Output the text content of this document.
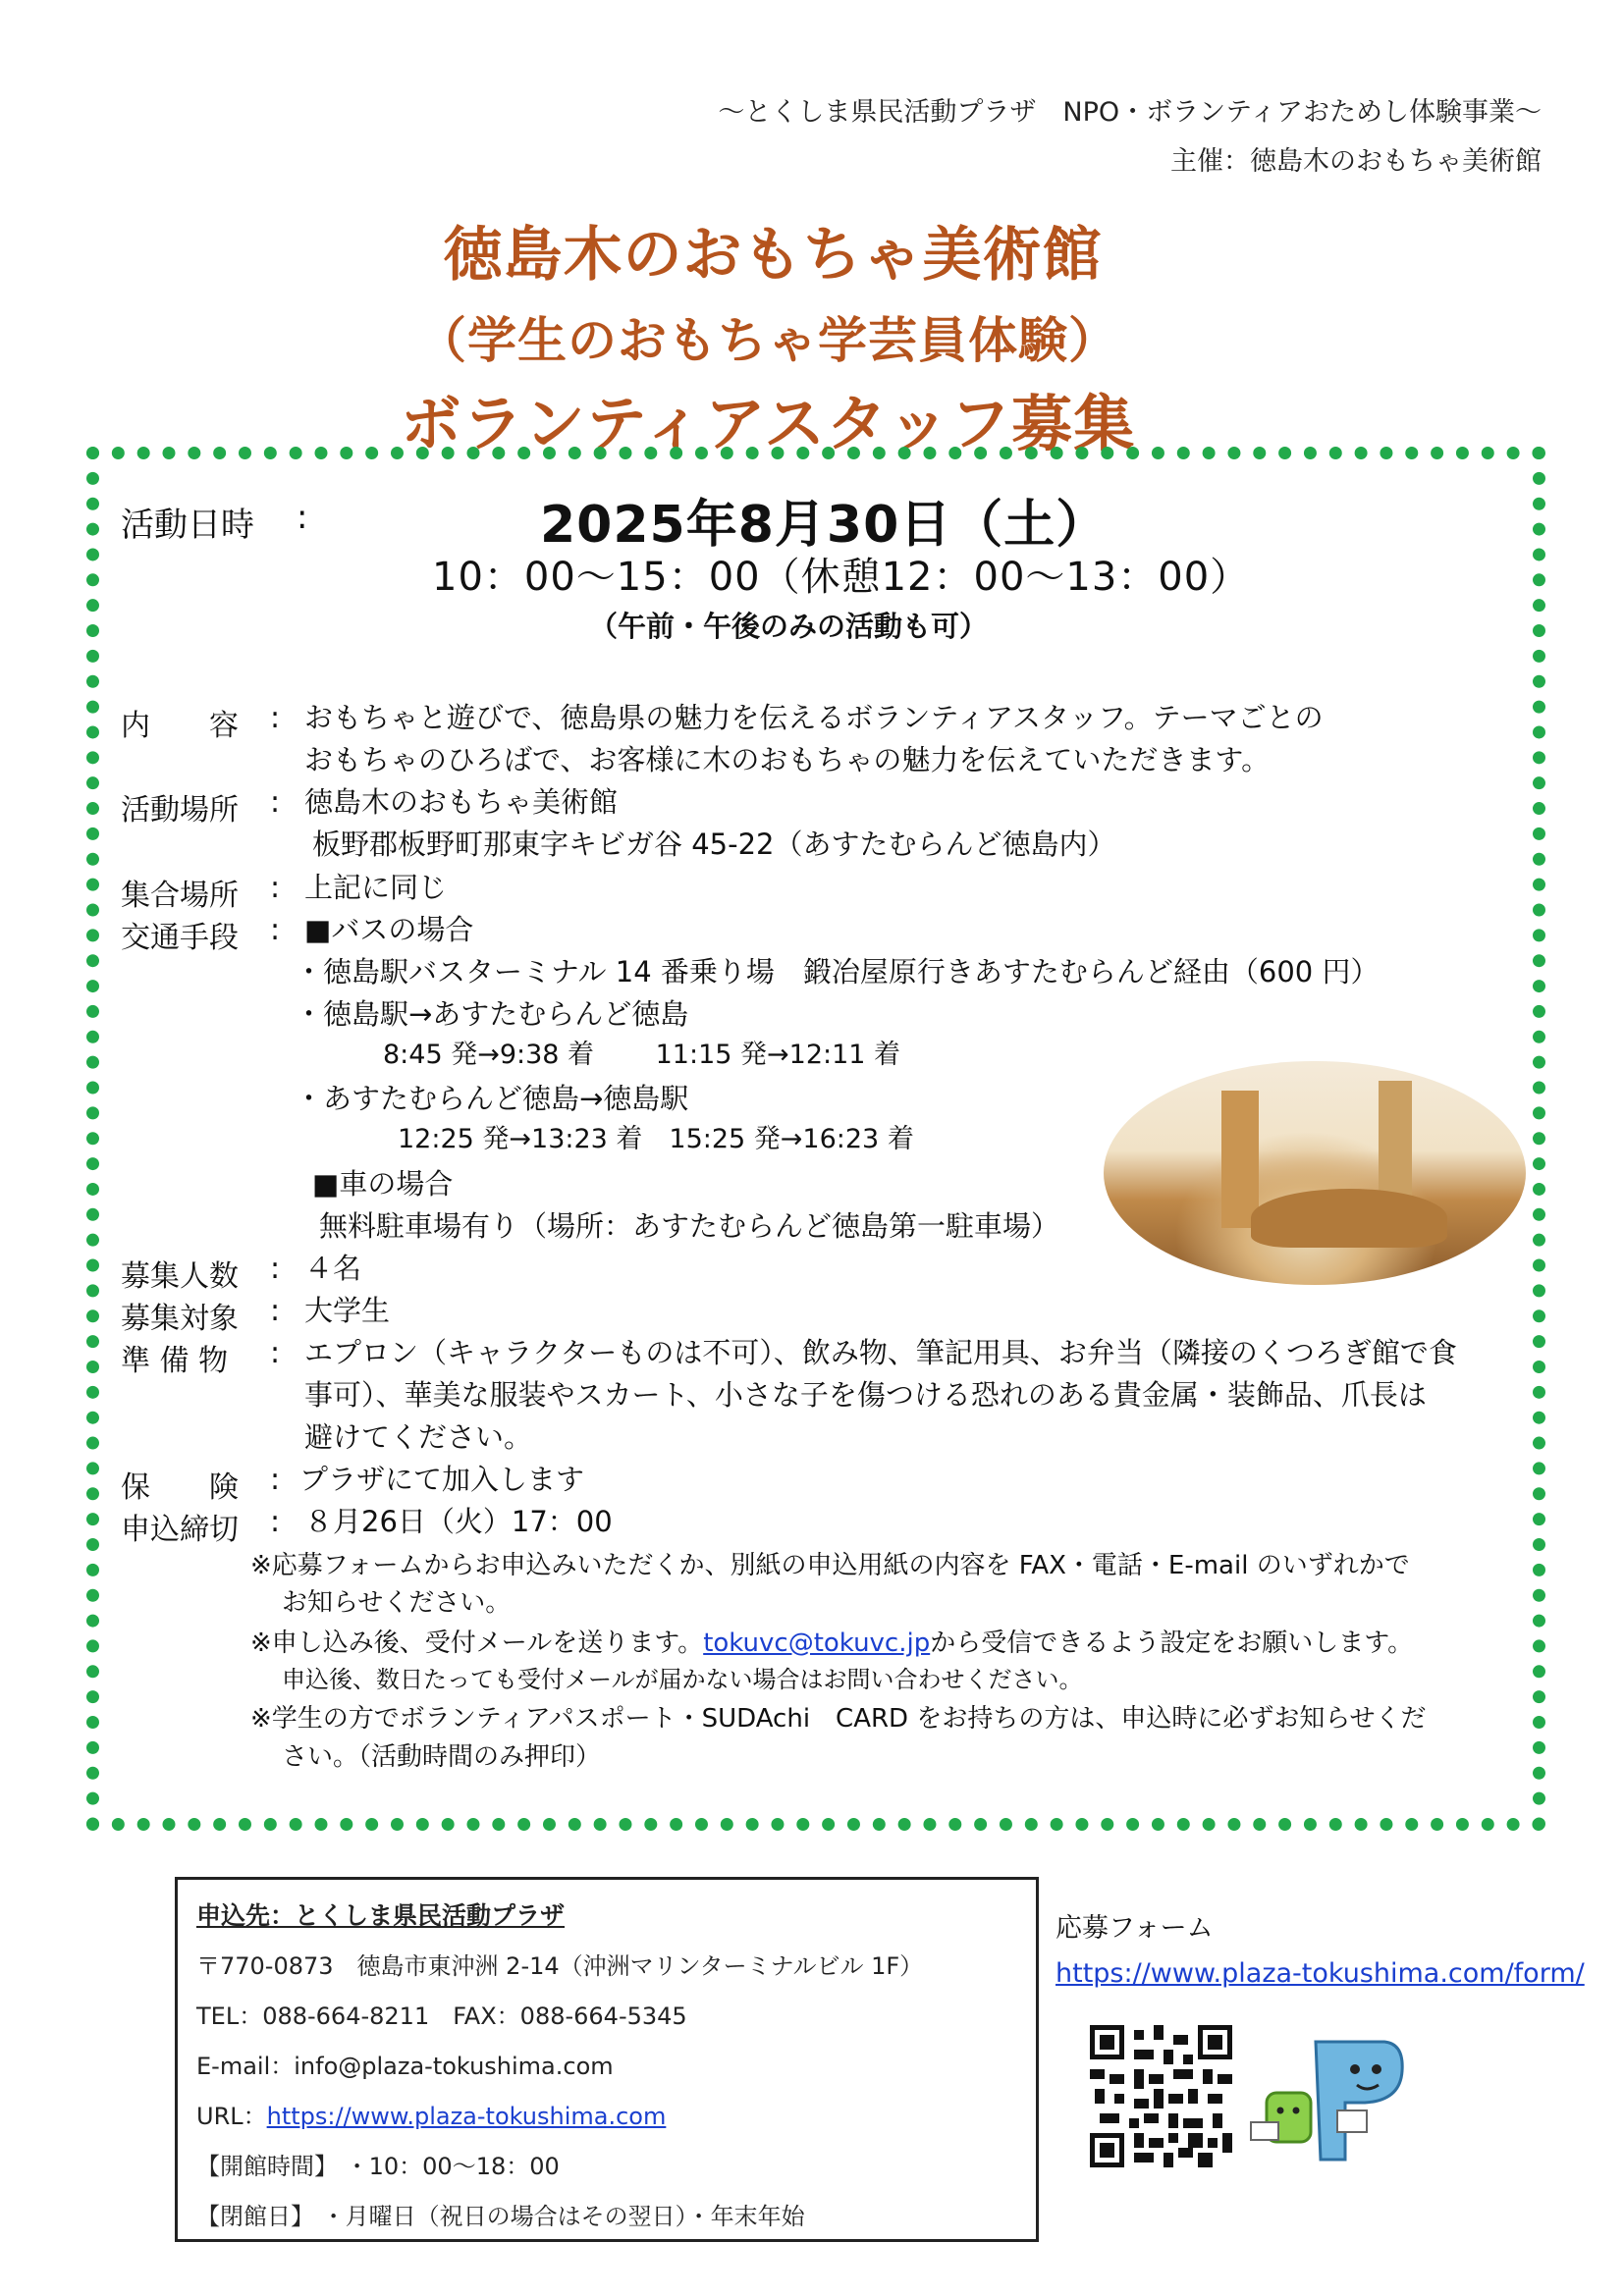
～とくしま県民活動プラザ　NPO・ボランティアおためし体験事業～
主催：徳島木のおもちゃ美術館
徳島木のおもちゃ美術館
（学生のおもちゃ学芸員体験）
ボランティアスタッフ募集
活動日時 :	2025年8月30日（土）
10：00～15：00（休憩12：00～13：00）
（午前・午後のみの活動も可）
内　　容 : おもちゃと遊びで、徳島県の魅力を伝えるボランティアスタッフ。テーマごとの
おもちゃのひろばで、お客様に木のおもちゃの魅力を伝えていただきます。
活動場所 : 徳島木のおもちゃ美術館
板野郡板野町那東字キビガ谷 45-22（あすたむらんど徳島内）
集合場所 : 上記に同じ
交通手段 : ■バスの場合
・徳島駅バスターミナル 14 番乗り場　鍛冶屋原行きあすたむらんど経由（600 円）
・徳島駅→あすたむらんど徳島
8:45 発→9:38 着　　 11:15 発→12:11 着
・あすたむらんど徳島→徳島駅
12:25 発→13:23 着　15:25 発→16:23 着
■車の場合
無料駐車場有り（場所：あすたむらんど徳島第一駐車場）
募集人数 : ４名
募集対象 : 大学生
準 備 物 : エプロン（キャラクターものは不可）、飲み物、筆記用具、お弁当（隣接のくつろぎ館で食
事可）、華美な服装やスカート、小さな子を傷つける恐れのある貴金属・装飾品、爪長は
避けてください。
保　　険 : プラザにて加入します
申込締切 : ８月26日（火）17：00
※応募フォームからお申込みいただくか、別紙の申込用紙の内容を FAX・電話・E-mail のいずれかで
お知らせください。
※申し込み後、受付メールを送ります。tokuvc@tokuvc.jpから受信できるよう設定をお願いします。
申込後、数日たっても受付メールが届かない場合はお問い合わせください。
※学生の方でボランティアパスポート・SUDAchi　CARD をお持ちの方は、申込時に必ずお知らせくだ
さい。（活動時間のみ押印）
申込先：とくしま県民活動プラザ
〒770-0873　徳島市東沖洲 2-14（沖洲マリンターミナルビル 1F）
TEL：088-664-8211　FAX：088-664-5345
E-mail：info@plaza-tokushima.com
URL：https://www.plaza-tokushima.com
【開館時間】 ・10：00～18：00
【閉館日】 ・月曜日（祝日の場合はその翌日）・年末年始
応募フォーム
https://www.plaza-tokushima.com/form/
